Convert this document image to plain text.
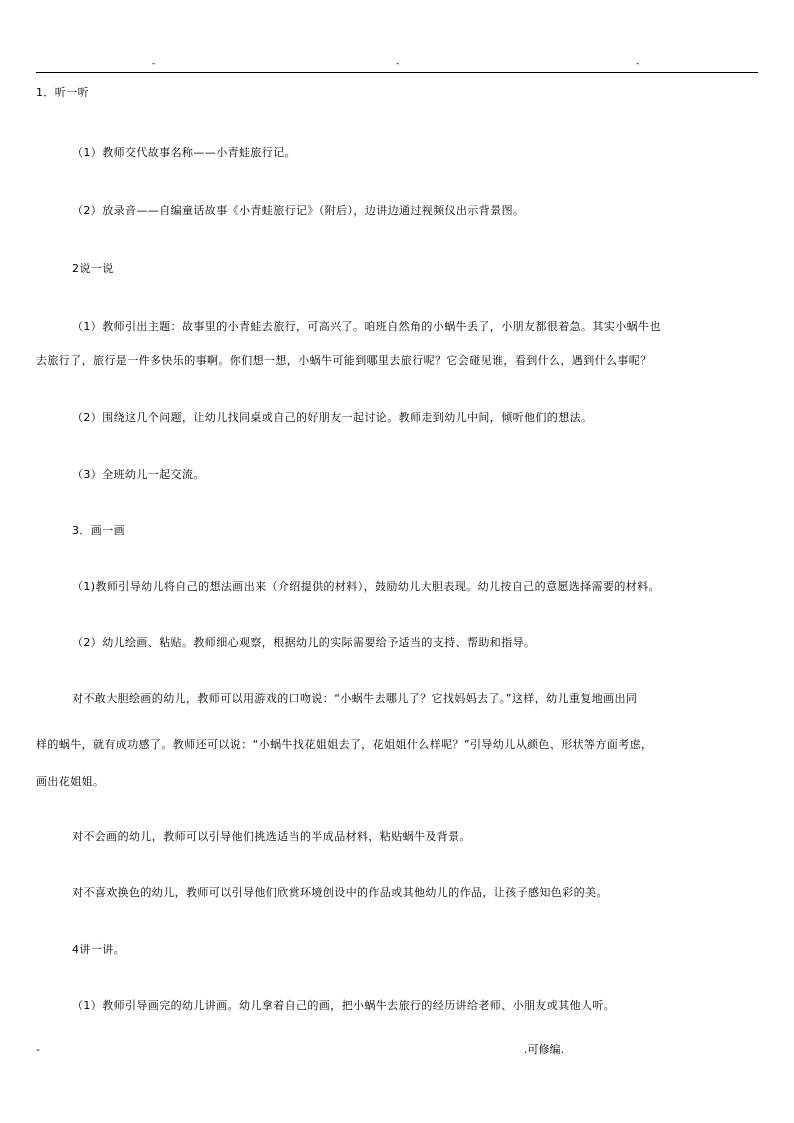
-	-	-
1．听一听
（1）教师交代故事名称——小青蛙旅行记。
（2）放录音——自编童话故事《小青蛙旅行记》（附后），边讲边通过视频仪出示背景图。
2说一说
（1）教师引出主题：故事里的小青蛙去旅行，可高兴了。咱班自然角的小蜗牛丢了，小朋友都很着急。其实小蜗牛也
去旅行了，旅行是一件多快乐的事啊。你们想一想，小蜗牛可能到哪里去旅行呢？它会碰见谁，看到什么，遇到什么事呢？
（2）围绕这几个问题，让幼儿找同桌或自己的好朋友一起讨论。教师走到幼儿中间，倾听他们的想法。
（3）全班幼儿一起交流。
3．画一画
（1)教师引导幼儿将自己的想法画出来（介绍提供的材料），鼓励幼儿大胆表现。幼儿按自己的意愿选择需要的材料。
（2）幼儿绘画、粘贴。教师细心观察，根据幼儿的实际需要给予适当的支持、帮助和指导。
对不敢大胆绘画的幼儿，教师可以用游戏的口吻说：“小蜗牛去哪儿了？它找妈妈去了。”这样，幼儿重复地画出同
样的蜗牛，就有成功感了。教师还可以说：“小蜗牛找花姐姐去了，花姐姐什么样呢？”引导幼儿从颜色、形状等方面考虑，
画出花姐姐。
对不会画的幼儿，教师可以引导他们挑选适当的半成品材料，粘贴蜗牛及背景。
对不喜欢换色的幼儿，教师可以引导他们欣赏环境创设中的作品或其他幼儿的作品，让孩子感知色彩的美。
4讲一讲。
（1）教师引导画完的幼儿讲画。幼儿拿着自己的画，把小蜗牛去旅行的经历讲给老师、小朋友或其他人听。
-	.可修编.
